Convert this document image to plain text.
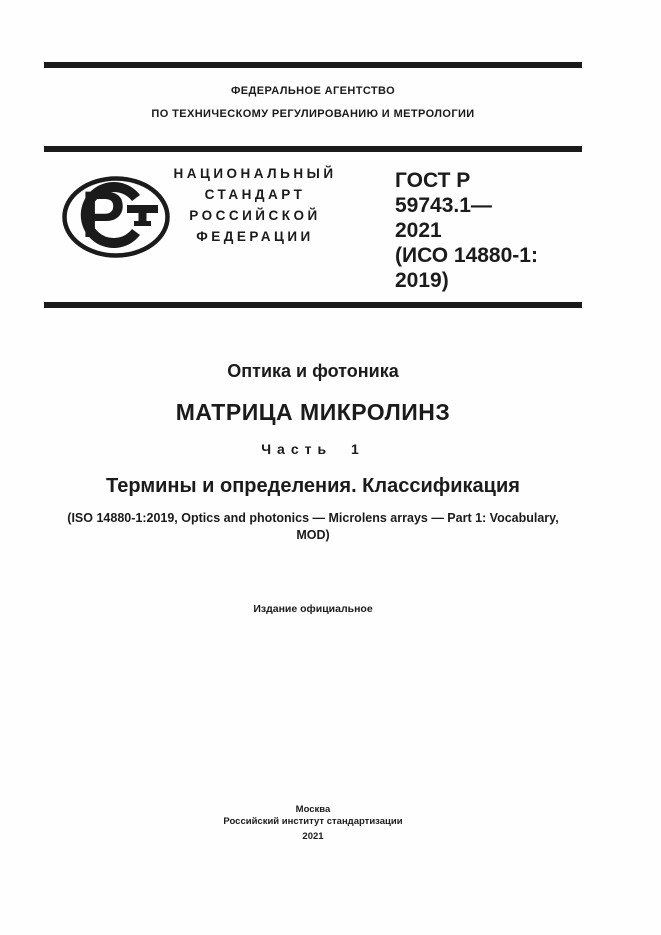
ФЕДЕРАЛЬНОЕ АГЕНТСТВО
ПО ТЕХНИЧЕСКОМУ РЕГУЛИРОВАНИЮ И МЕТРОЛОГИИ
Р
НАЦИОНАЛЬНЫЙ
СТАНДАРТ
РОССИЙСКОЙ
ФЕДЕРАЦИИ
ГОСТ Р
59743.1—
2021
(ИСО 14880-1:
2019)
Оптика и фотоника
МАТРИЦА МИКРОЛИНЗ
Часть 1
Термины и определения. Классификация
(ISO 14880-1:2019, Optics and photonics — Microlens arrays — Part 1: Vocabulary,
MOD)
Издание официальное
Москва
Российский институт стандартизации
2021
